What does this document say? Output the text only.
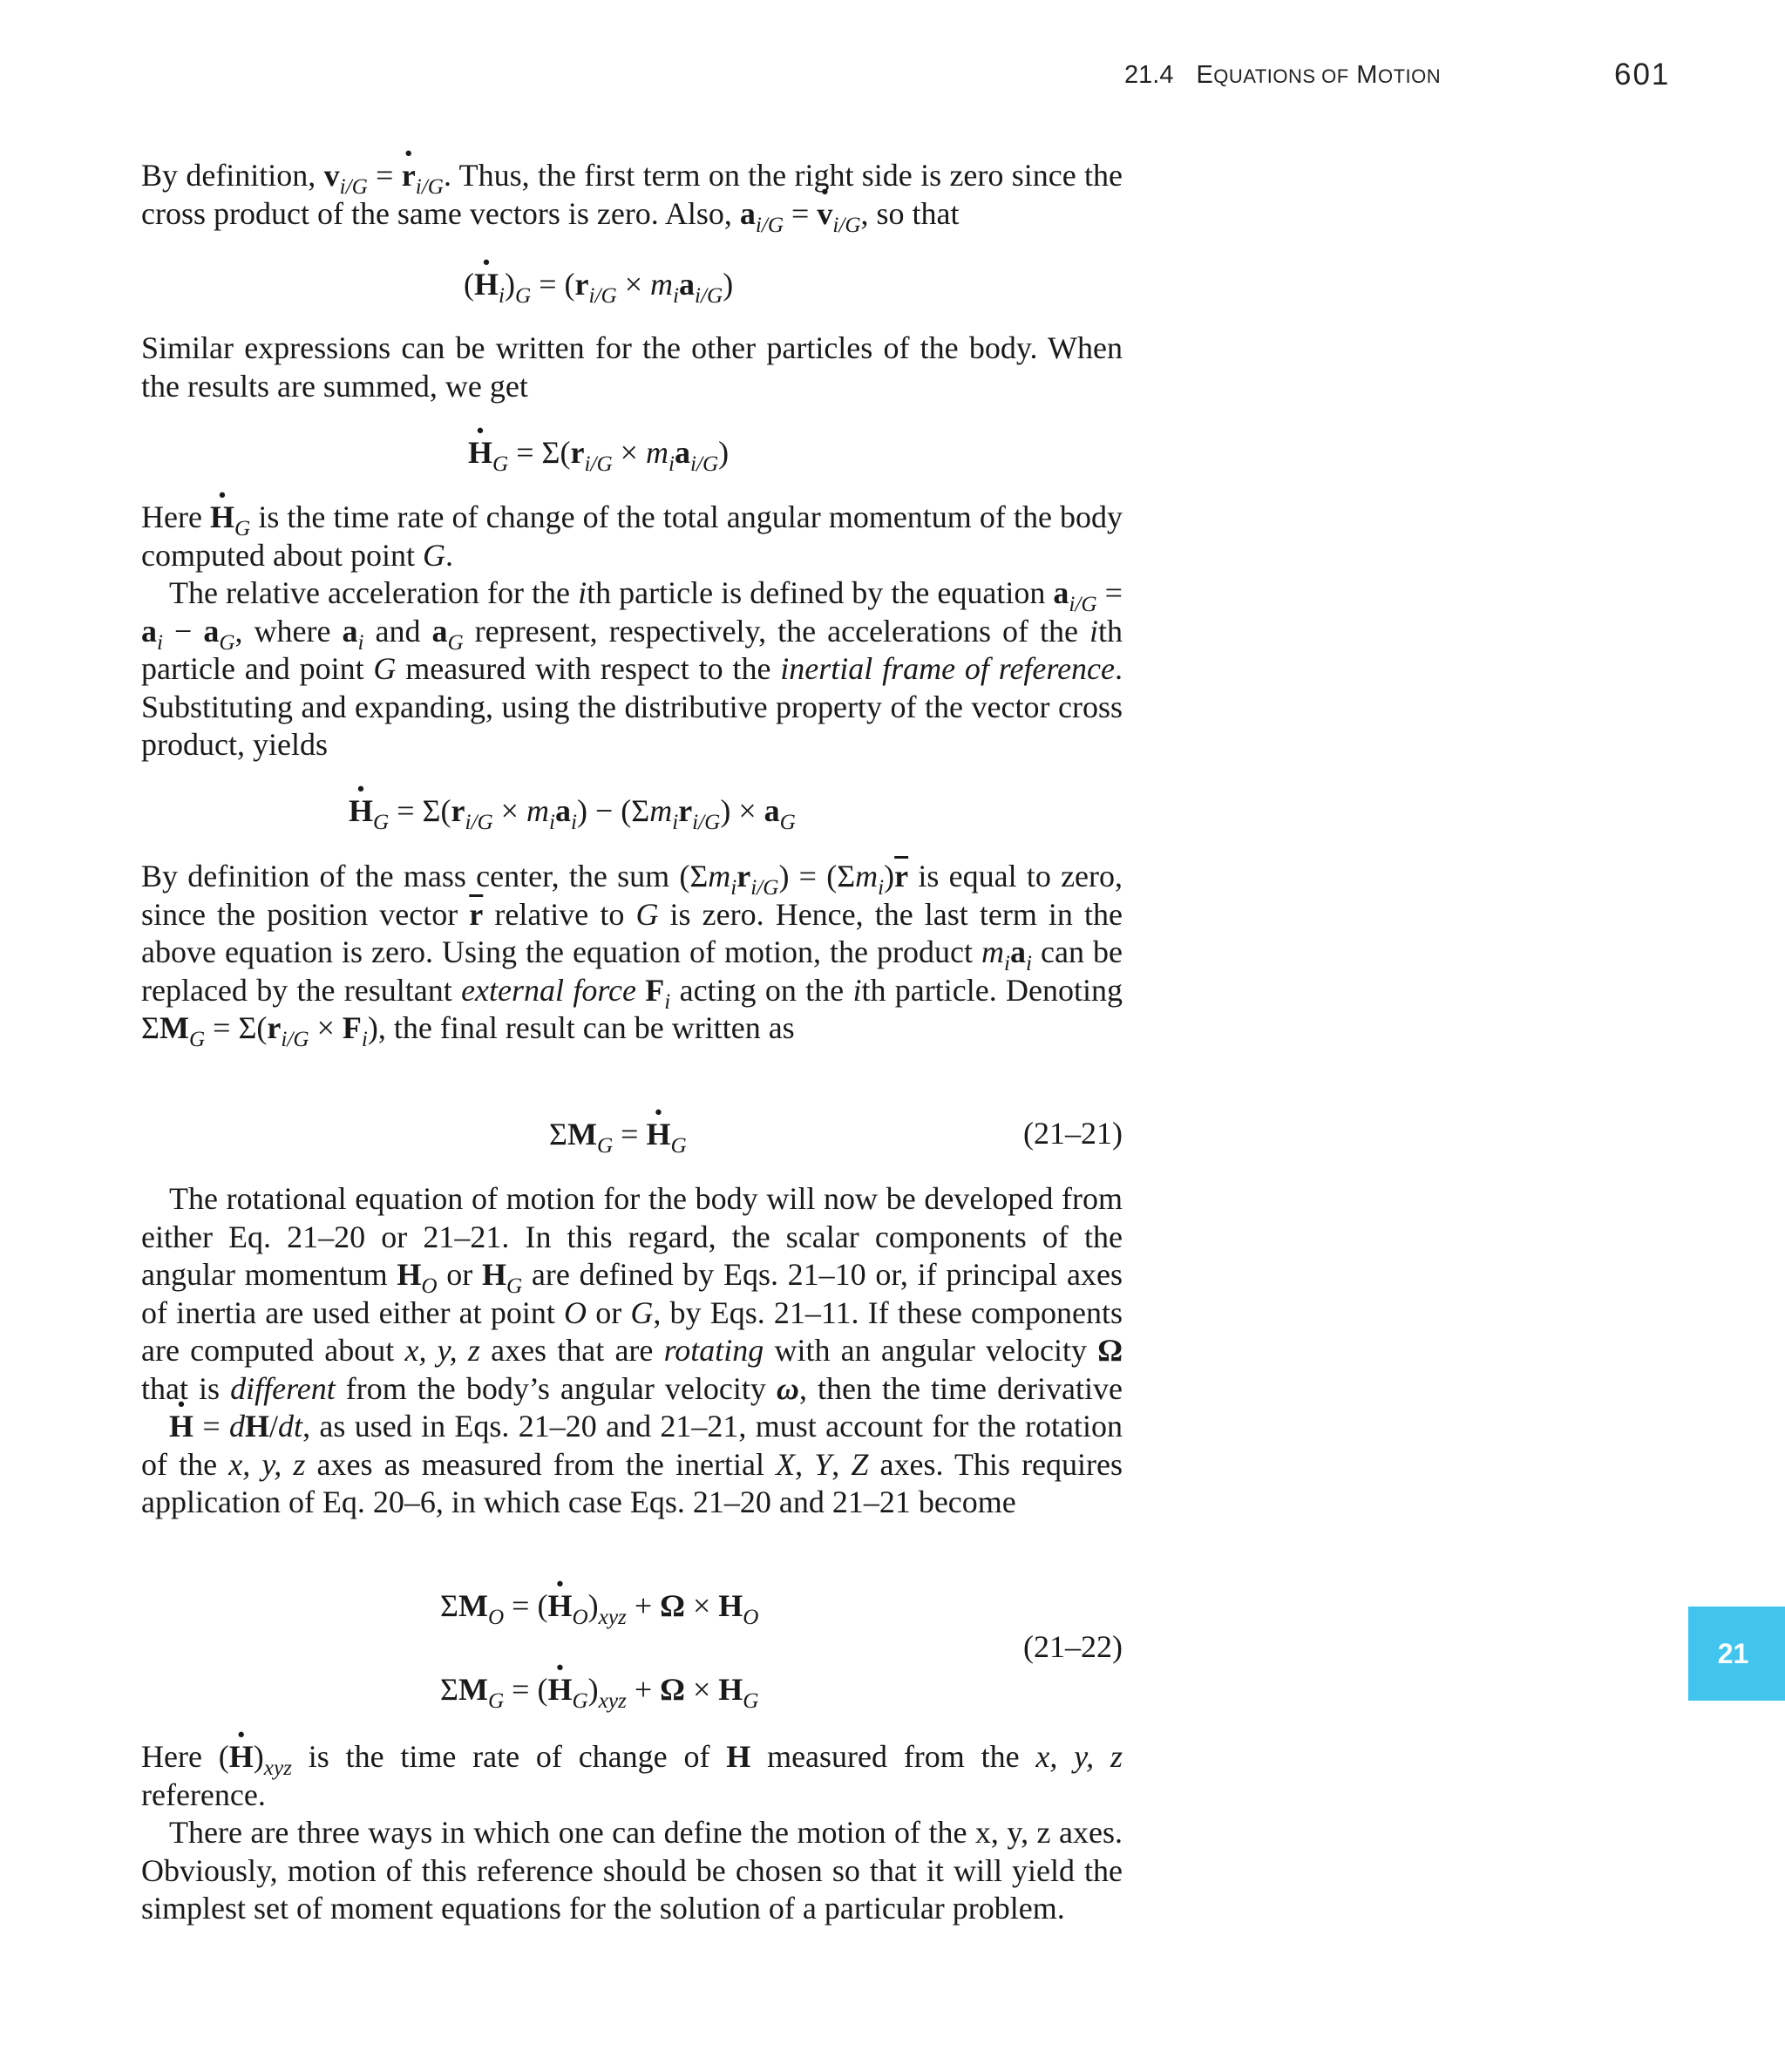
21.4 EQUATIONS OF MOTION	601
21
By definition, $v_{i/G}$ = · $r_{i/G}$. Thus, the first term on the right side is zero since the cross product of the same vectors is zero. Also, $a_{i/G}$ = · $v_{i/G}$, so that
(· $H_i)_G = (r_{i/G} \times m_ia_{i/G})$
Similar expressions can be written for the other particles of the body. When the results are summed, we get
· $H_G = \Sigma(r_{i/G} \times m_ia_{i/G})$
Here · $H_G$ is the time rate of change of the total angular momentum of the body computed about point G.
The relative acceleration for the ith particle is defined by the equation $a_{i/G} = a_i - a_G$, where $a_i$ and $a_G$ represent, respectively, the accelerations of the ith particle and point G measured with respect to the inertial frame of reference. Substituting and expanding, using the distributive property of the vector cross product, yields
· $H_G = \Sigma(r_{i/G} \times m_ia_i) - (\Sigma m_ir_{i/G}) \times a_G$
By definition of the mass center, the sum $(\Sigma m_ir_{i/G}) = (\Sigma m_i)\overline{r}$ is equal to zero, since the position vector $\overline{r}$ relative to G is zero. Hence, the last term in the above equation is zero. Using the equation of motion, the product $m_ia_i$ can be replaced by the resultant external force $F_i$ acting on the ith particle. Denoting $\Sigma M_G = \Sigma(r_{i/G} \times F_i)$, the final result can be written as
$\Sigma M_G$ = · $H_G$	(21–21)
The rotational equation of motion for the body will now be developed from either Eq. 21–20 or 21–21. In this regard, the scalar components of the angular momentum $H_O$ or $H_G$ are defined by Eqs. 21–10 or, if principal axes of inertia are used either at point O or G, by Eqs. 21–11. If these components are computed about x, y, z axes that are rotating with an angular velocity Ω that is different from the body’s angular velocity ω, then the time derivative · H = dH/dt, as used in Eqs. 21–20 and 21–21, must account for the rotation of the x, y, z axes as measured from the inertial X, Y, Z axes. This requires application of Eq. 20–6, in which case Eqs. 21–20 and 21–21 become
$\Sigma M_O$ = (· $H_O)_{xyz} + \Omega \times H_O$
(21–22)
$\Sigma M_G$ = (· $H_G)_{xyz} + \Omega \times H_G$
Here (· $H)_{xyz}$ is the time rate of change of H measured from the x, y, z reference.
There are three ways in which one can define the motion of the x, y, z axes. Obviously, motion of this reference should be chosen so that it will yield the simplest set of moment equations for the solution of a particular problem.
